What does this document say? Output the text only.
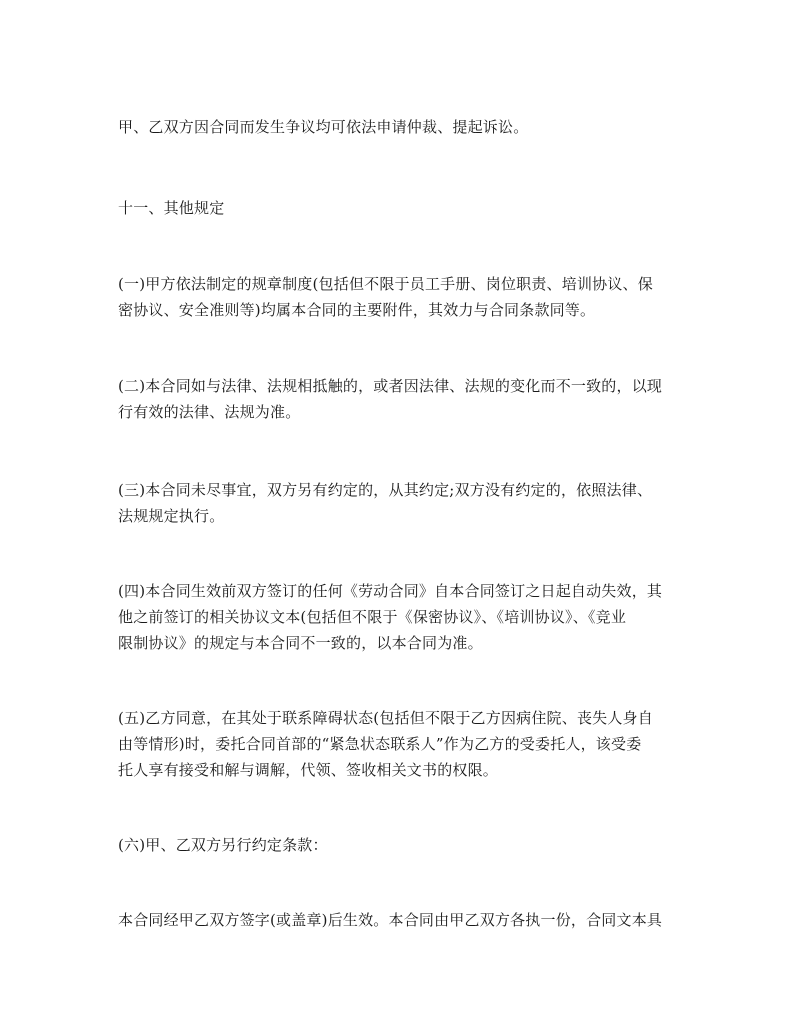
甲、乙双方因合同而发生争议均可依法申请仲裁、提起诉讼。
十一、其他规定
(一)甲方依法制定的规章制度(包括但不限于员工手册、岗位职责、培训协议、保
密协议、安全准则等)均属本合同的主要附件，其效力与合同条款同等。
(二)本合同如与法律、法规相抵触的，或者因法律、法规的变化而不一致的，以现
行有效的法律、法规为准。
(三)本合同未尽事宜，双方另有约定的，从其约定;双方没有约定的，依照法律、
法规规定执行。
(四)本合同生效前双方签订的任何《劳动合同》自本合同签订之日起自动失效，其
他之前签订的相关协议文本(包括但不限于《保密协议》、《培训协议》、《竞业
限制协议》的规定与本合同不一致的，以本合同为准。
(五)乙方同意，在其处于联系障碍状态(包括但不限于乙方因病住院、丧失人身自
由等情形)时，委托合同首部的“紧急状态联系人”作为乙方的受委托人，该受委
托人享有接受和解与调解，代领、签收相关文书的权限。
(六)甲、乙双方另行约定条款：
本合同经甲乙双方签字(或盖章)后生效。本合同由甲乙双方各执一份，合同文本具
